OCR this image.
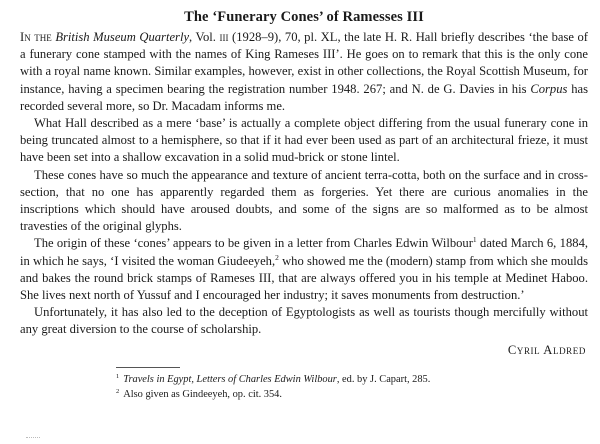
The ‘Funerary Cones’ of Ramesses III

In the British Museum Quarterly, Vol. iii (1928–9), 70, pl. XL, the late H. R. Hall briefly describes ‘the base of a funerary cone stamped with the names of King Rameses III’. He goes on to remark that this is the only cone with a royal name known. Similar examples, however, exist in other collections, the Royal Scottish Museum, for instance, having a specimen bearing the registration number 1948. 267; and N. de G. Davies in his Corpus has recorded several more, so Dr. Macadam informs me.

What Hall described as a mere ‘base’ is actually a complete object differing from the usual funerary cone in being truncated almost to a hemisphere, so that if it had ever been used as part of an architectural frieze, it must have been set into a shallow excavation in a solid mud-brick or stone lintel.

These cones have so much the appearance and texture of ancient terra-cotta, both on the surface and in cross-section, that no one has apparently regarded them as forgeries. Yet there are curious anomalies in the inscriptions which should have aroused doubts, and some of the signs are so malformed as to be almost travesties of the original glyphs.

The origin of these ‘cones’ appears to be given in a letter from Charles Edwin Wilbour$^1$ dated March 6, 1884, in which he says, ‘I visited the woman Giudeeyeh,$^2$ who showed me the (modern) stamp from which she moulds and bakes the round brick stamps of Rameses III, that are always offered you in his temple at Medinet Haboo. She lives next north of Yussuf and I encouraged her industry; it saves monuments from destruction.’

Unfortunately, it has also led to the deception of Egyptologists as well as tourists though mercifully without any great diversion to the course of scholarship.

Cyril Aldred
$^1$ Travels in Egypt, Letters of Charles Edwin Wilbour, ed. by J. Capart, 285.
$^2$ Also given as Gindeeyeh, op. cit. 354.
